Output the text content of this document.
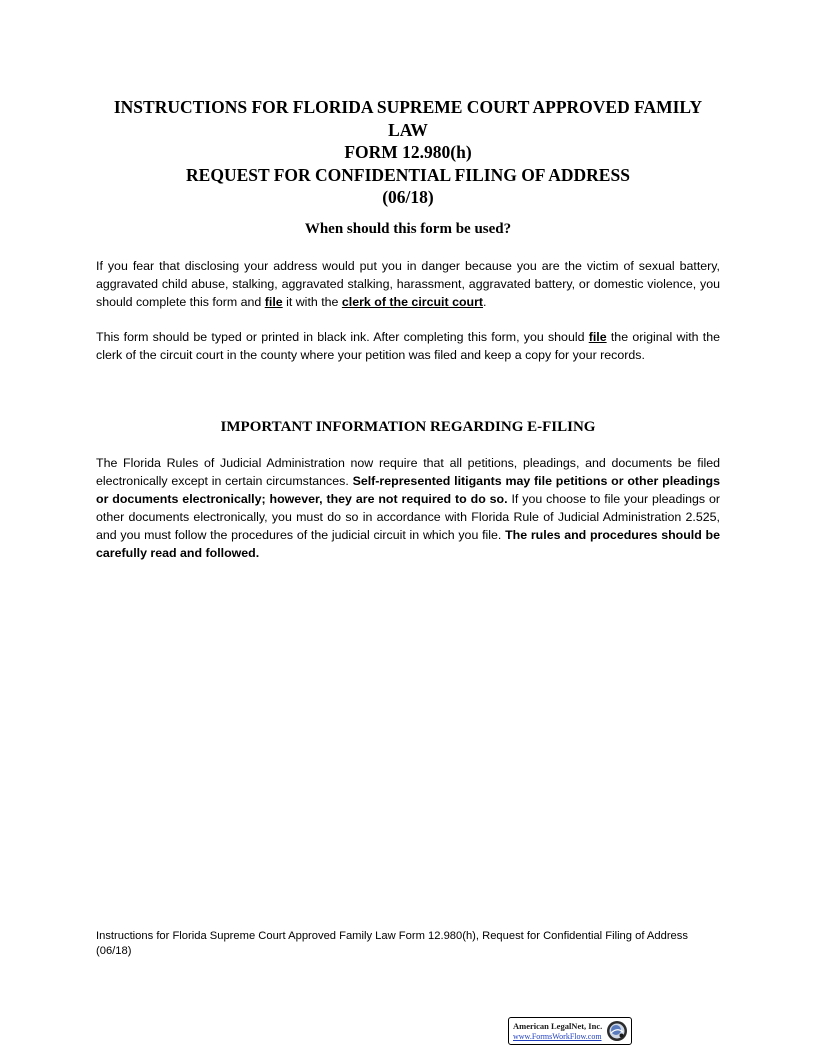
INSTRUCTIONS FOR FLORIDA SUPREME COURT APPROVED FAMILY LAW
FORM 12.980(h)
REQUEST FOR CONFIDENTIAL FILING OF ADDRESS
(06/18)
When should this form be used?
If you fear that disclosing your address would put you in danger because you are the victim of sexual battery, aggravated child abuse, stalking, aggravated stalking, harassment, aggravated battery, or domestic violence, you should complete this form and file it with the clerk of the circuit court.
This form should be typed or printed in black ink. After completing this form, you should file the original with the clerk of the circuit court in the county where your petition was filed and keep a copy for your records.
IMPORTANT INFORMATION REGARDING E-FILING
The Florida Rules of Judicial Administration now require that all petitions, pleadings, and documents be filed electronically except in certain circumstances. Self-represented litigants may file petitions or other pleadings or documents electronically; however, they are not required to do so. If you choose to file your pleadings or other documents electronically, you must do so in accordance with Florida Rule of Judicial Administration 2.525, and you must follow the procedures of the judicial circuit in which you file. The rules and procedures should be carefully read and followed.
Instructions for Florida Supreme Court Approved Family Law Form 12.980(h), Request for Confidential Filing of Address (06/18)
American LegalNet, Inc.
www.FormsWorkFlow.com
